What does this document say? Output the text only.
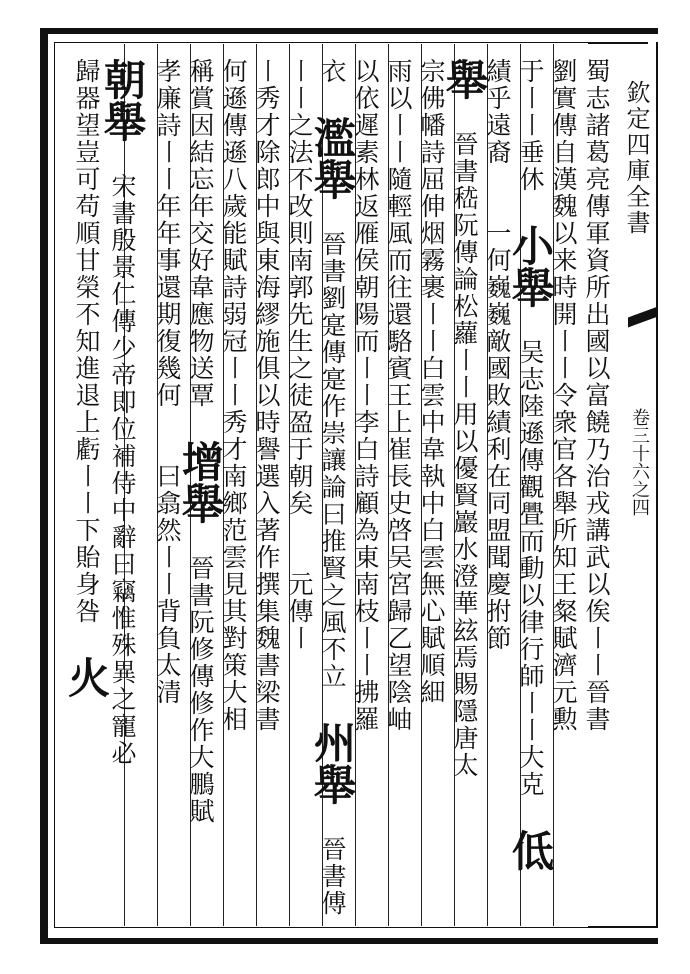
欽定四庫全書
卷三十六之四
蜀志諸葛亮傳軍資所出國以富饒乃治戎講武以俟〡〡晉書
劉實傳自漢魏以来時開〡〡令衆官各舉所知王粲賦濟元勲
于〡〡垂休 小舉 吴志陸遜傳觀舋而動以律行師〡〡大克 低
績乎遠裔　　一何巍巍敵國敗績利在同盟聞慶拊節
舉 晉書嵇阮傳論松蘿〡〡用以優賢巖水澄華玆焉賜隱唐太
宗佛幡詩屈伸烟霧裹〡〡白雲中韋執中白雲無心賦順細
雨以〡〡隨輕風而往還駱賓王上崔長史啓吴宮歸乙望陰岫
以依遲素林返雁侯朝陽而〡〡李白詩顧為東南枝〡〡拂羅
衣 濫舉 晉書劉寔傳寔作崇讓論曰推賢之風不立 州舉 晉書傅
〡〡之法不改則南郭先生之徒盈于朝矣　　元傳〡
〡秀才除郎中與東海繆施俱以時譽選入著作撰集魏書梁書
何遜傳遜八歲能賦詩弱冠〡〡秀才南鄉范雲見其對策大相
稱賞因結忘年交好韋應物送覃 增舉 晉書阮修傳修作大鵬賦
孝廉詩〡〡年年事還期復幾何　　曰翕然〡〡背負太清
朝舉 宋書殷景仁傳少帝即位補侍中辭曰竊惟殊異之寵必
歸器望豈可苟順甘榮不知進退上虧〡〡下貽身咎 火
